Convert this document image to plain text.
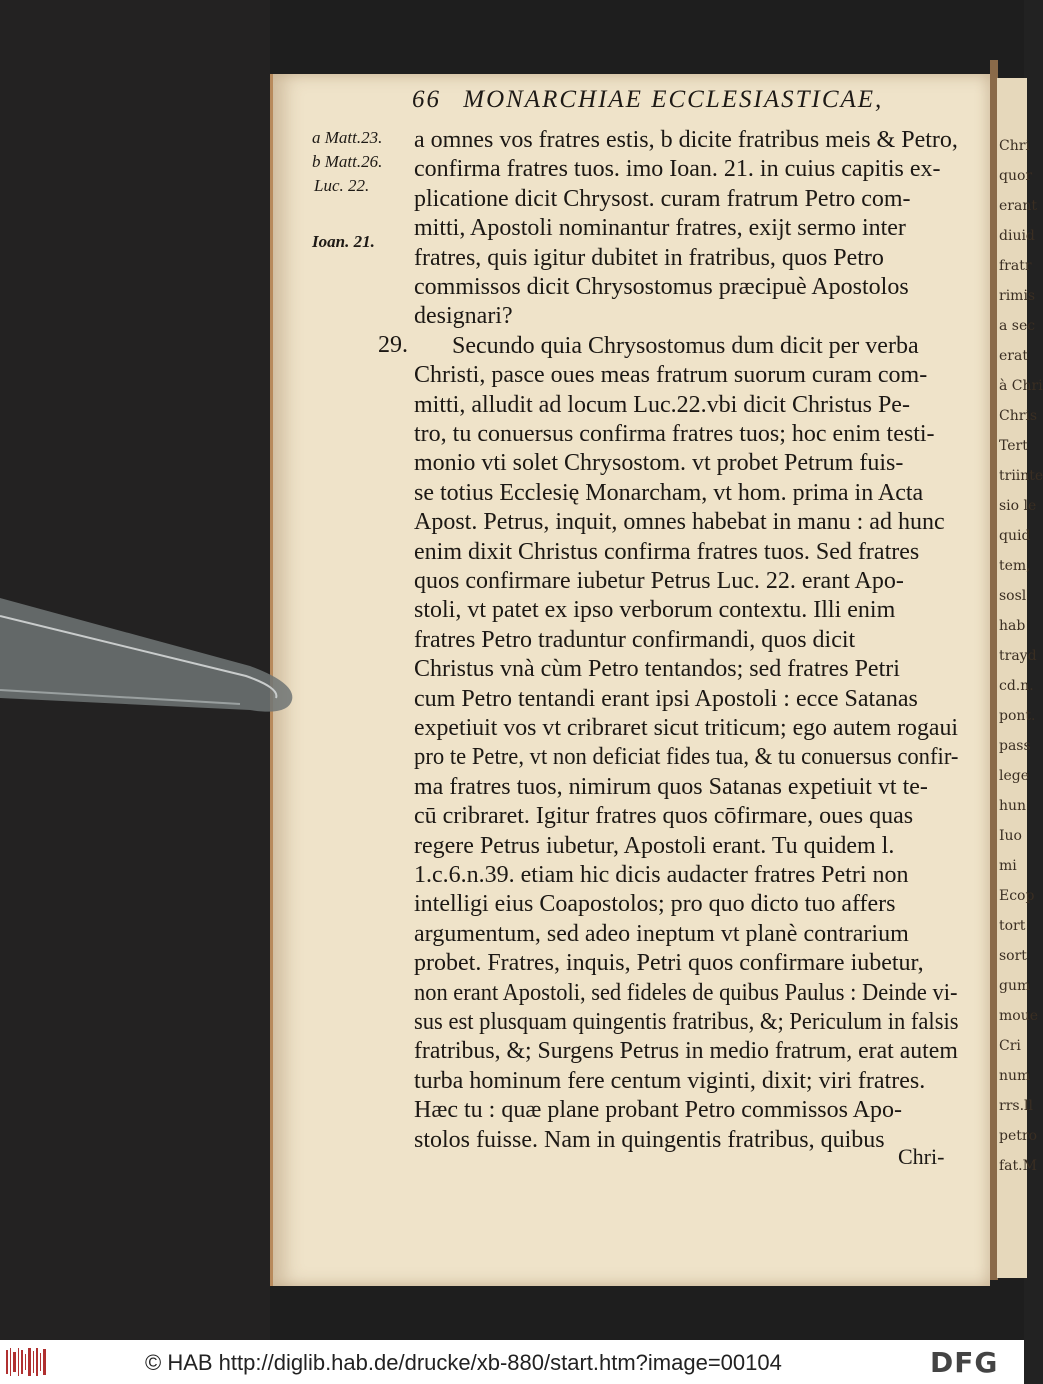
Chri
quor
erant
diuid
fratr
rimis
a sec
erat
à Chri
Chris
Tert
triinte
sio le
quid
tem,
sosl
hab
trayd
cd.n.
pont.
pass
lege
hun
Iuo
mi
Ecop
tort
sort
gum
moue
Cri
num
rrs.ll
petro
fat.M
66 MONARCHIAE ECCLESIASTICAE,
a Matt.23.
b Matt.26.
Luc. 22.
Ioan. 21.
29.
a omnes vos fratres estis, b dicite fratribus meis & Petro,
confirma fratres tuos. imo Ioan. 21. in cuius capitis ex-
plicatione dicit Chrysost. curam fratrum Petro com-
mitti, Apostoli nominantur fratres, exijt sermo inter
fratres, quis igitur dubitet in fratribus, quos Petro
commissos dicit Chrysostomus præcipuè Apostolos
designari?
Secundo quia Chrysostomus dum dicit per verba
Christi, pasce oues meas fratrum suorum curam com-
mitti, alludit ad locum Luc.22.vbi dicit Christus Pe-
tro, tu conuersus confirma fratres tuos; hoc enim testi-
monio vti solet Chrysostom. vt probet Petrum fuis-
se totius Ecclesię Monarcham, vt hom. prima in Acta
Apost. Petrus, inquit, omnes habebat in manu : ad hunc
enim dixit Christus confirma fratres tuos. Sed fratres
quos confirmare iubetur Petrus Luc. 22. erant Apo-
stoli, vt patet ex ipso verborum contextu. Illi enim
fratres Petro traduntur confirmandi, quos dicit
Christus vnà cùm Petro tentandos; sed fratres Petri
cum Petro tentandi erant ipsi Apostoli : ecce Satanas
expetiuit vos vt cribraret sicut triticum; ego autem rogaui
pro te Petre, vt non deficiat fides tua, & tu conuersus confir-
ma fratres tuos, nimirum quos Satanas expetiuit vt te-
cū cribraret. Igitur fratres quos cōfirmare, oues quas
regere Petrus iubetur, Apostoli erant. Tu quidem l.
1.c.6.n.39. etiam hic dicis audacter fratres Petri non
intelligi eius Coapostolos; pro quo dicto tuo affers
argumentum, sed adeo ineptum vt planè contrarium
probet. Fratres, inquis, Petri quos confirmare iubetur,
non erant Apostoli, sed fideles de quibus Paulus : Deinde vi-
sus est plusquam quingentis fratribus, &; Periculum in falsis
fratribus, &; Surgens Petrus in medio fratrum, erat autem
turba hominum fere centum viginti, dixit; viri fratres.
Hæc tu : quæ plane probant Petro commissos Apo-
stolos fuisse. Nam in quingentis fratribus, quibus
Chri-
© HAB http://diglib.hab.de/drucke/xb-880/start.htm?image=00104	DFG
